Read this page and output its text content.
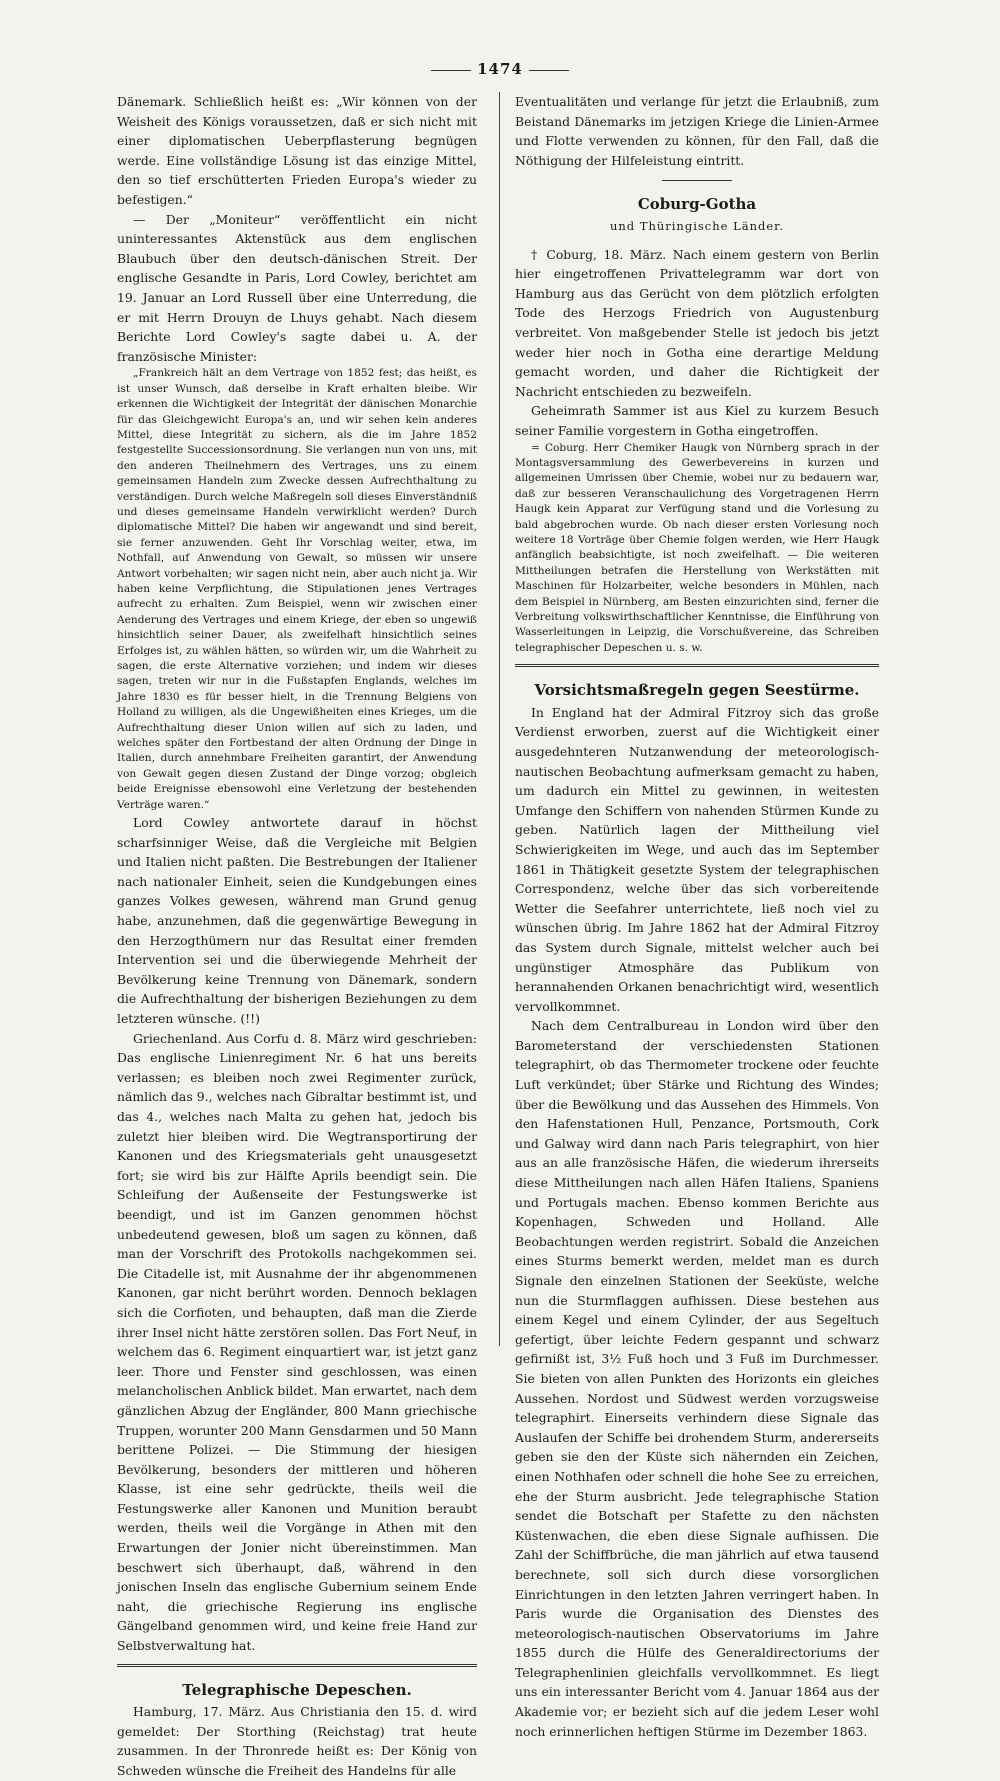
1474

Dänemark. Schließlich heißt es: „Wir können von der Weisheit des Königs voraussetzen, daß er sich nicht mit einer diplomatischen Ueberpflasterung begnügen werde. Eine vollständige Lösung ist das einzige Mittel, den so tief erschütterten Frieden Europa's wieder zu befestigen.“

— Der „Moniteur“ veröffentlicht ein nicht uninteressantes Aktenstück aus dem englischen Blaubuch über den deutsch-dänischen Streit. Der englische Gesandte in Paris, Lord Cowley, berichtet am 19. Januar an Lord Russell über eine Unterredung, die er mit Herrn Drouyn de Lhuys gehabt. Nach diesem Berichte Lord Cowley's sagte dabei u. A. der französische Minister:

„Frankreich hält an dem Vertrage von 1852 fest; das heißt, es ist unser Wunsch, daß derselbe in Kraft erhalten bleibe. Wir erkennen die Wichtigkeit der Integrität der dänischen Monarchie für das Gleichgewicht Europa's an, und wir sehen kein anderes Mittel, diese Integrität zu sichern, als die im Jahre 1852 festgestellte Successionsordnung. Sie verlangen nun von uns, mit den anderen Theilnehmern des Vertrages, uns zu einem gemeinsamen Handeln zum Zwecke dessen Aufrechthaltung zu verständigen. Durch welche Maßregeln soll dieses Einverständniß und dieses gemeinsame Handeln verwirklicht werden? Durch diplomatische Mittel? Die haben wir angewandt und sind bereit, sie ferner anzuwenden. Geht Ihr Vorschlag weiter, etwa, im Nothfall, auf Anwendung von Gewalt, so müssen wir unsere Antwort vorbehalten; wir sagen nicht nein, aber auch nicht ja. Wir haben keine Verpflichtung, die Stipulationen jenes Vertrages aufrecht zu erhalten. Zum Beispiel, wenn wir zwischen einer Aenderung des Vertrages und einem Kriege, der eben so ungewiß hinsichtlich seiner Dauer, als zweifelhaft hinsichtlich seines Erfolges ist, zu wählen hätten, so würden wir, um die Wahrheit zu sagen, die erste Alternative vorziehen; und indem wir dieses sagen, treten wir nur in die Fußstapfen Englands, welches im Jahre 1830 es für besser hielt, in die Trennung Belgiens von Holland zu willigen, als die Ungewißheiten eines Krieges, um die Aufrechthaltung dieser Union willen auf sich zu laden, und welches später den Fortbestand der alten Ordnung der Dinge in Italien, durch annehmbare Freiheiten garantirt, der Anwendung von Gewalt gegen diesen Zustand der Dinge vorzog; obgleich beide Ereignisse ebensowohl eine Verletzung der bestehenden Verträge waren.“

Lord Cowley antwortete darauf in höchst scharfsinniger Weise, daß die Vergleiche mit Belgien und Italien nicht paßten. Die Bestrebungen der Italiener nach nationaler Einheit, seien die Kundgebungen eines ganzes Volkes gewesen, während man Grund genug habe, anzunehmen, daß die gegenwärtige Bewegung in den Herzogthümern nur das Resultat einer fremden Intervention sei und die überwiegende Mehrheit der Bevölkerung keine Trennung von Dänemark, sondern die Aufrechthaltung der bisherigen Beziehungen zu dem letzteren wünsche. (!!)

Griechenland. Aus Corfu d. 8. März wird geschrieben: Das englische Linienregiment Nr. 6 hat uns bereits verlassen; es bleiben noch zwei Regimenter zurück, nämlich das 9., welches nach Gibraltar bestimmt ist, und das 4., welches nach Malta zu gehen hat, jedoch bis zuletzt hier bleiben wird. Die Wegtransportirung der Kanonen und des Kriegsmaterials geht unausgesetzt fort; sie wird bis zur Hälfte Aprils beendigt sein. Die Schleifung der Außenseite der Festungswerke ist beendigt, und ist im Ganzen genommen höchst unbedeutend gewesen, bloß um sagen zu können, daß man der Vorschrift des Protokolls nachgekommen sei. Die Citadelle ist, mit Ausnahme der ihr abgenommenen Kanonen, gar nicht berührt worden. Dennoch beklagen sich die Corfioten, und behaupten, daß man die Zierde ihrer Insel nicht hätte zerstören sollen. Das Fort Neuf, in welchem das 6. Regiment einquartiert war, ist jetzt ganz leer. Thore und Fenster sind geschlossen, was einen melancholischen Anblick bildet. Man erwartet, nach dem gänzlichen Abzug der Engländer, 800 Mann griechische Truppen, worunter 200 Mann Gensdarmen und 50 Mann berittene Polizei. — Die Stimmung der hiesigen Bevölkerung, besonders der mittleren und höheren Klasse, ist eine sehr gedrückte, theils weil die Festungswerke aller Kanonen und Munition beraubt werden, theils weil die Vorgänge in Athen mit den Erwartungen der Jonier nicht übereinstimmen. Man beschwert sich überhaupt, daß, während in den jonischen Inseln das englische Gubernium seinem Ende naht, die griechische Regierung ins englische Gängelband genommen wird, und keine freie Hand zur Selbstverwaltung hat.

Telegraphische Depeschen.

Hamburg, 17. März. Aus Christiania den 15. d. wird gemeldet: Der Storthing (Reichstag) trat heute zusammen. In der Thronrede heißt es: Der König von Schweden wünsche die Freiheit des Handelns für alle

Eventualitäten und verlange für jetzt die Erlaubniß, zum Beistand Dänemarks im jetzigen Kriege die Linien-Armee und Flotte verwenden zu können, für den Fall, daß die Nöthigung der Hilfeleistung eintritt.

Coburg-Gotha
und Thüringische Länder.

† Coburg, 18. März. Nach einem gestern von Berlin hier eingetroffenen Privattelegramm war dort von Hamburg aus das Gerücht von dem plötzlich erfolgten Tode des Herzogs Friedrich von Augustenburg verbreitet. Von maßgebender Stelle ist jedoch bis jetzt weder hier noch in Gotha eine derartige Meldung gemacht worden, und daher die Richtigkeit der Nachricht entschieden zu bezweifeln.

Geheimrath Sammer ist aus Kiel zu kurzem Besuch seiner Familie vorgestern in Gotha eingetroffen.

= Coburg. Herr Chemiker Haugk von Nürnberg sprach in der Montagsversammlung des Gewerbevereins in kurzen und allgemeinen Umrissen über Chemie, wobei nur zu bedauern war, daß zur besseren Veranschaulichung des Vorgetragenen Herrn Haugk kein Apparat zur Verfügung stand und die Vorlesung zu bald abgebrochen wurde. Ob nach dieser ersten Vorlesung noch weitere 18 Vorträge über Chemie folgen werden, wie Herr Haugk anfänglich beabsichtigte, ist noch zweifelhaft. — Die weiteren Mittheilungen betrafen die Herstellung von Werkstätten mit Maschinen für Holzarbeiter, welche besonders in Mühlen, nach dem Beispiel in Nürnberg, am Besten einzurichten sind, ferner die Verbreitung volkswirthschaftlicher Kenntnisse, die Einführung von Wasserleitungen in Leipzig, die Vorschußvereine, das Schreiben telegraphischer Depeschen u. s. w.

Vorsichtsmaßregeln gegen Seestürme.

In England hat der Admiral Fitzroy sich das große Verdienst erworben, zuerst auf die Wichtigkeit einer ausgedehnteren Nutzanwendung der meteorologisch-nautischen Beobachtung aufmerksam gemacht zu haben, um dadurch ein Mittel zu gewinnen, in weitesten Umfange den Schiffern von nahenden Stürmen Kunde zu geben. Natürlich lagen der Mittheilung viel Schwierigkeiten im Wege, und auch das im September 1861 in Thätigkeit gesetzte System der telegraphischen Correspondenz, welche über das sich vorbereitende Wetter die Seefahrer unterrichtete, ließ noch viel zu wünschen übrig. Im Jahre 1862 hat der Admiral Fitzroy das System durch Signale, mittelst welcher auch bei ungünstiger Atmosphäre das Publikum von herannahenden Orkanen benachrichtigt wird, wesentlich vervollkommnet.

Nach dem Centralbureau in London wird über den Barometerstand der verschiedensten Stationen telegraphirt, ob das Thermometer trockene oder feuchte Luft verkündet; über Stärke und Richtung des Windes; über die Bewölkung und das Aussehen des Himmels. Von den Hafenstationen Hull, Penzance, Portsmouth, Cork und Galway wird dann nach Paris telegraphirt, von hier aus an alle französische Häfen, die wiederum ihrerseits diese Mittheilungen nach allen Häfen Italiens, Spaniens und Portugals machen. Ebenso kommen Berichte aus Kopenhagen, Schweden und Holland. Alle Beobachtungen werden registrirt. Sobald die Anzeichen eines Sturms bemerkt werden, meldet man es durch Signale den einzelnen Stationen der Seeküste, welche nun die Sturmflaggen aufhissen. Diese bestehen aus einem Kegel und einem Cylinder, der aus Segeltuch gefertigt, über leichte Federn gespannt und schwarz gefirnißt ist, 3½ Fuß hoch und 3 Fuß im Durchmesser. Sie bieten von allen Punkten des Horizonts ein gleiches Aussehen. Nordost und Südwest werden vorzugsweise telegraphirt. Einerseits verhindern diese Signale das Auslaufen der Schiffe bei drohendem Sturm, andererseits geben sie den der Küste sich nähernden ein Zeichen, einen Nothhafen oder schnell die hohe See zu erreichen, ehe der Sturm ausbricht. Jede telegraphische Station sendet die Botschaft per Stafette zu den nächsten Küstenwachen, die eben diese Signale aufhissen. Die Zahl der Schiffbrüche, die man jährlich auf etwa tausend berechnete, soll sich durch diese vorsorglichen Einrichtungen in den letzten Jahren verringert haben. In Paris wurde die Organisation des Dienstes des meteorologisch-nautischen Observatoriums im Jahre 1855 durch die Hülfe des Generaldirectoriums der Telegraphenlinien gleichfalls vervollkommnet. Es liegt uns ein interessanter Bericht vom 4. Januar 1864 aus der Akademie vor; er bezieht sich auf die jedem Leser wohl noch erinnerlichen heftigen Stürme im Dezember 1863.
